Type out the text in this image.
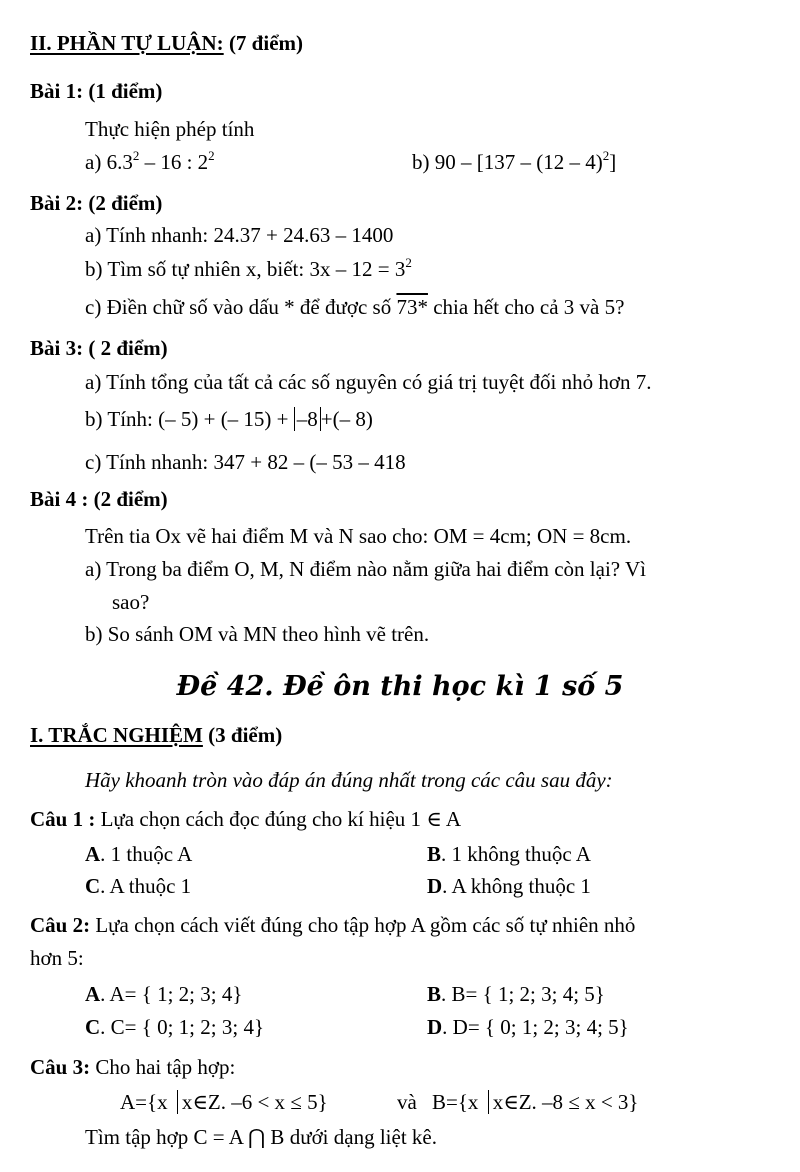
II. PHẦN TỰ LUẬN: (7 điểm)
Bài 1: (1 điểm)
Thực hiện phép tính
a) $6.3^2 - 16$ : $2^2$	b) 90 – [137 – (12 – 4)$^2$]
Bài 2: (2 điểm)
a) Tính nhanh: 24.37 + 24.63 – 1400
b) Tìm số tự nhiên x, biết: $3x - 12 = 3^2$
c) Điền chữ số vào dấu * để được số 73* chia hết cho cả 3 và 5?
Bài 3: ( 2 điểm)
a) Tính tổng của tất cả các số nguyên có giá trị tuyệt đối nhỏ hơn 7.
b) Tính: (– 5) + (– 15) + –8 +(– 8)
c) Tính nhanh: 347 + 82 – (– 53 – 418
Bài 4 : (2 điểm)
Trên tia Ox vẽ hai điểm M và N sao cho: OM = 4cm; ON = 8cm.
a) Trong ba điểm O, M, N điểm nào nằm giữa hai điểm còn lại? Vì
sao?
b) So sánh OM và MN theo hình vẽ trên.
Đề 42. Đề ôn thi học kì 1 số 5
I. TRẮC NGHIỆM (3 điểm)
Hãy khoanh tròn vào đáp án đúng nhất trong các câu sau đây:
Câu 1 : Lựa chọn cách đọc đúng cho kí hiệu 1 ∈ A
A. 1 thuộc A	B. 1 không thuộc A
C. A thuộc 1	D. A không thuộc 1
Câu 2: Lựa chọn cách viết đúng cho tập hợp A gồm các số tự nhiên nhỏ
hơn 5:
A. A= { 1; 2; 3; 4}	B. B= { 1; 2; 3; 4; 5}
C. C= { 0; 1; 2; 3; 4}	D. D= { 0; 1; 2; 3; 4; 5}
Câu 3: Cho hai tập hợp:
A={x x∈Z. –6 < x ≤ 5}	và B={x x∈Z. –8 ≤ x < 3}
Tìm tập hợp C = A ⋂ B dưới dạng liệt kê.
